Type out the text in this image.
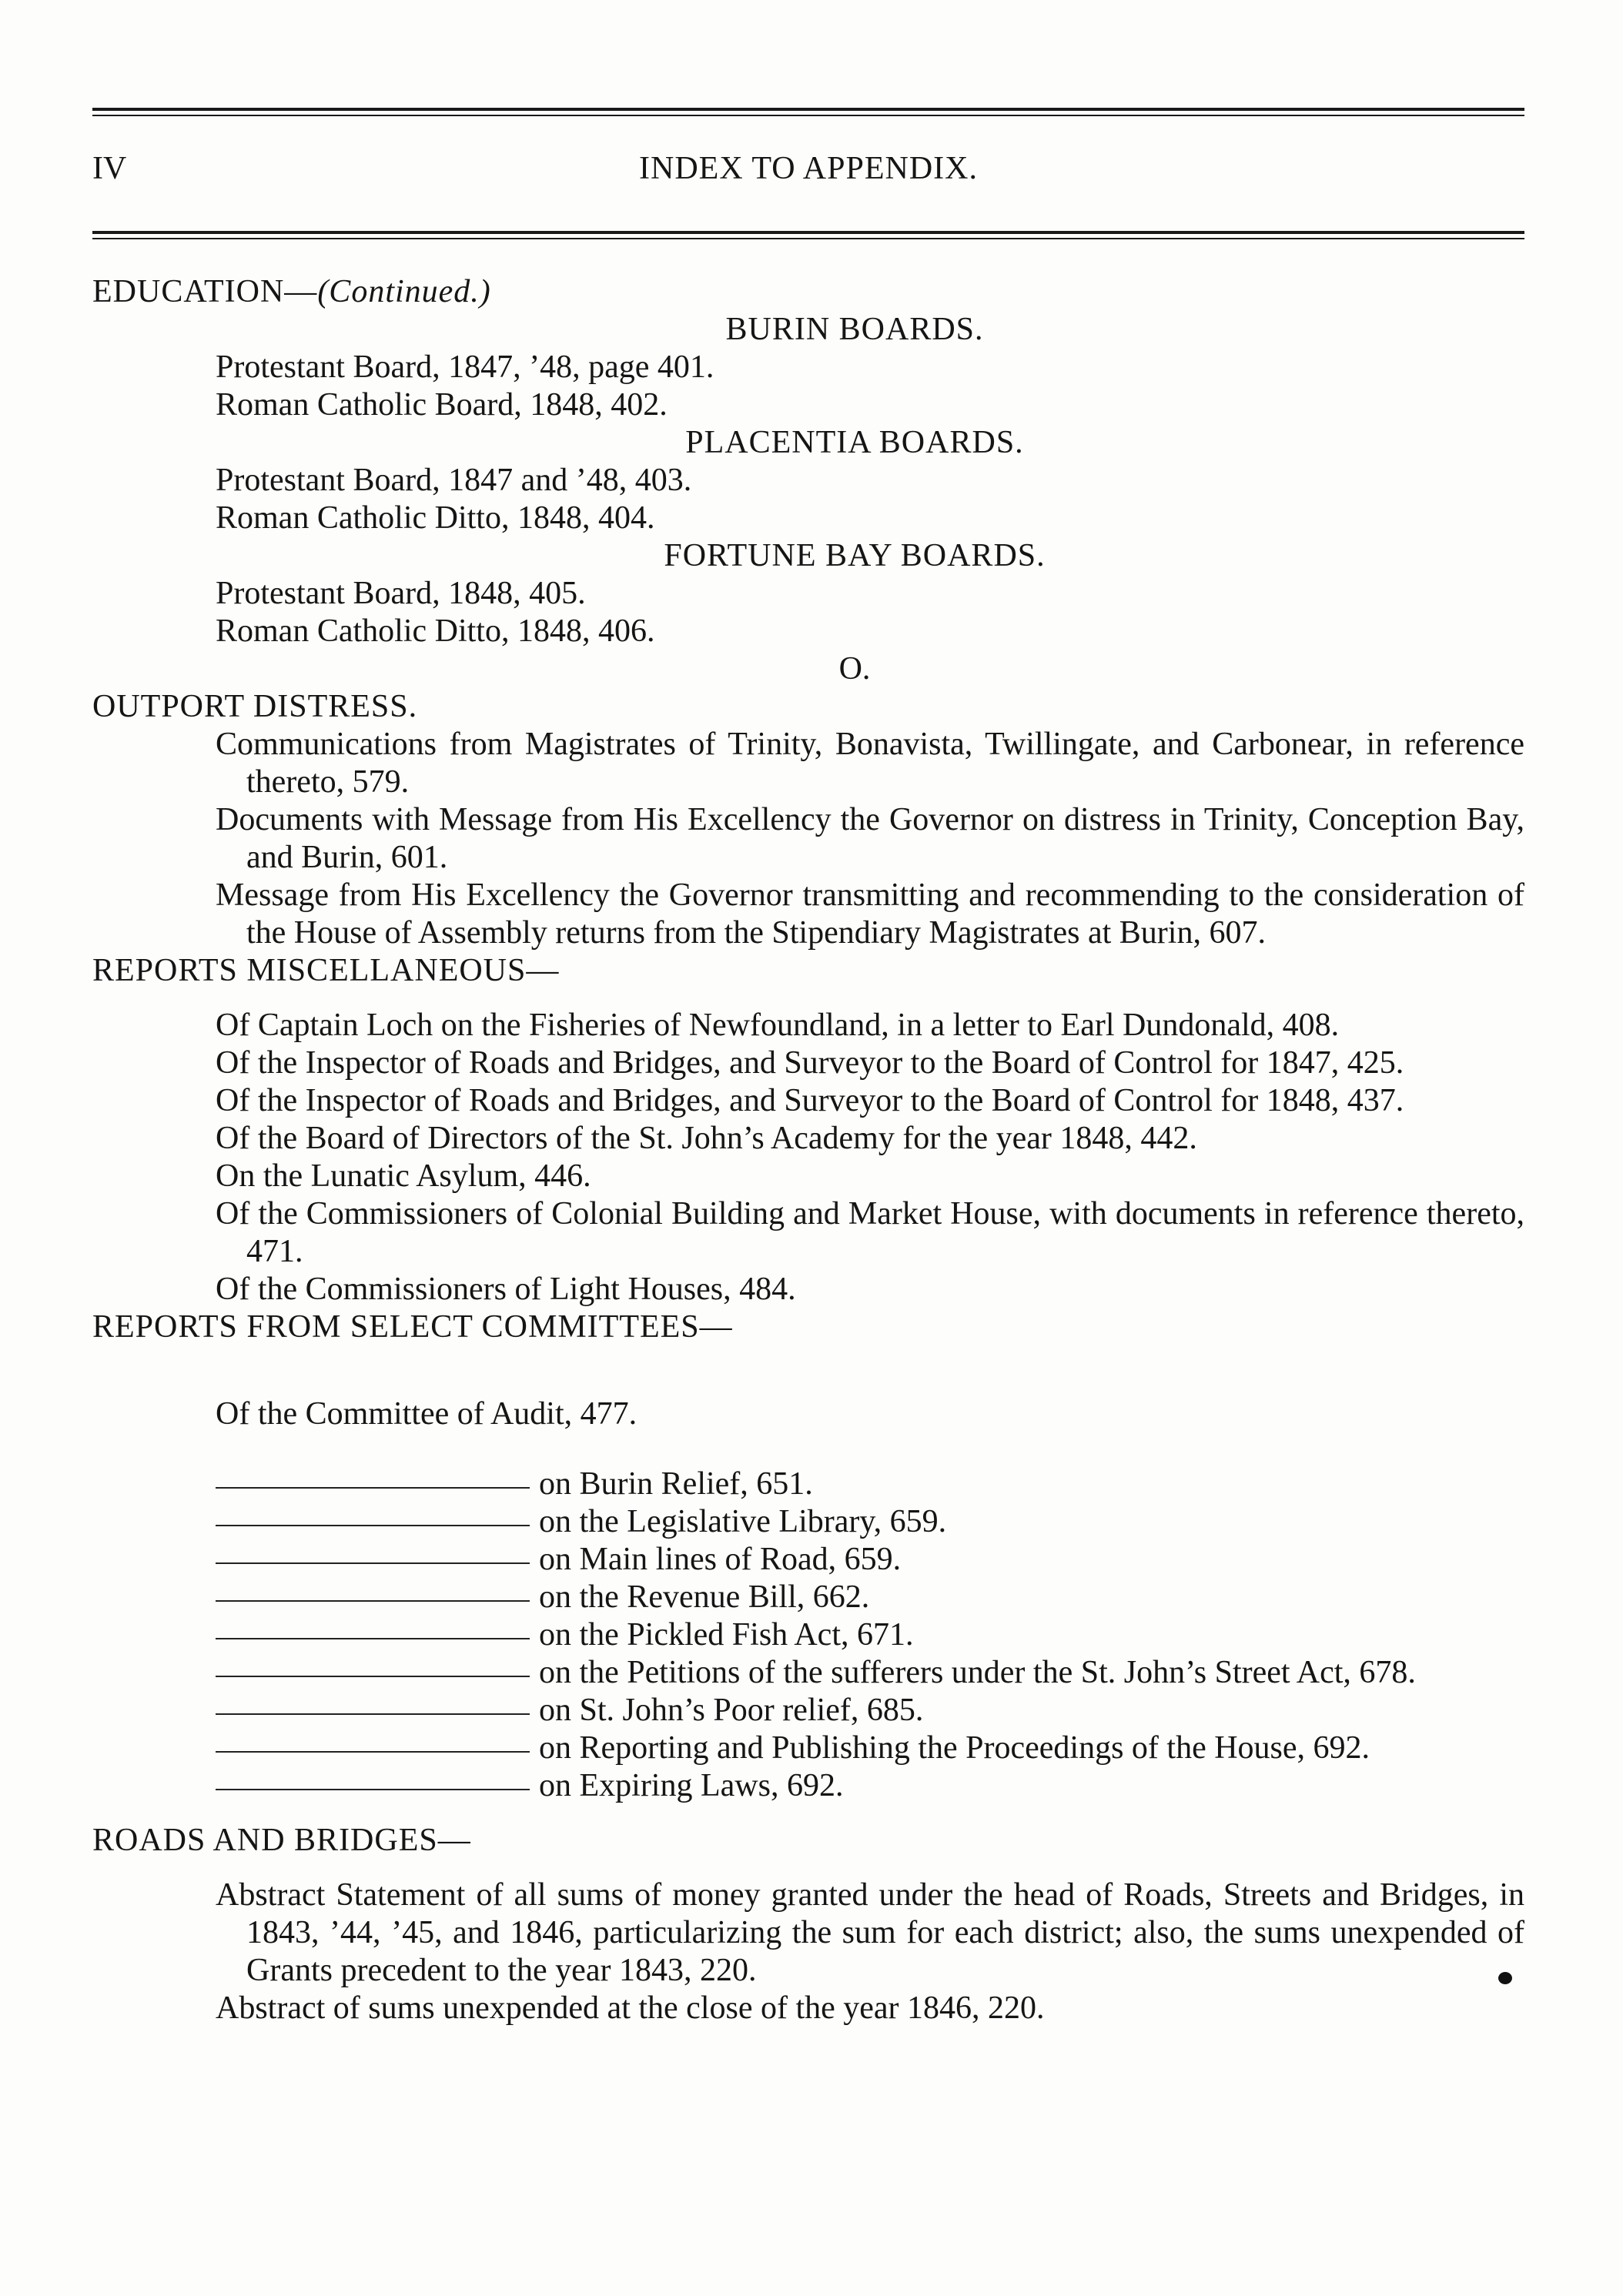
IV	INDEX TO APPENDIX.

EDUCATION—(Continued.)

BURIN BOARDS.

Protestant Board, 1847, ’48, page 401.

Roman Catholic Board, 1848, 402.

PLACENTIA BOARDS.

Protestant Board, 1847 and ’48, 403.

Roman Catholic Ditto, 1848, 404.

FORTUNE BAY BOARDS.

Protestant Board, 1848, 405.

Roman Catholic Ditto, 1848, 406.

O.

OUTPORT DISTRESS.

Communications from Magistrates of Trinity, Bonavista, Twillingate, and Carbonear, in reference thereto, 579.

Documents with Message from His Excellency the Governor on distress in Trinity, Conception Bay, and Burin, 601.

Message from His Excellency the Governor transmitting and recommending to the consideration of the House of Assembly returns from the Stipendiary Magistrates at Burin, 607.

REPORTS MISCELLANEOUS—

Of Captain Loch on the Fisheries of Newfoundland, in a letter to Earl Dundonald, 408.

Of the Inspector of Roads and Bridges, and Surveyor to the Board of Control for 1847, 425.

Of the Inspector of Roads and Bridges, and Surveyor to the Board of Control for 1848, 437.

Of the Board of Directors of the St. John’s Academy for the year 1848, 442.

On the Lunatic Asylum, 446.

Of the Commissioners of Colonial Building and Market House, with documents in reference thereto, 471.

Of the Commissioners of Light Houses, 484.

REPORTS FROM SELECT COMMITTEES—

Of the Committee of Audit, 477.

on Burin Relief, 651.
on the Legislative Library, 659.
on Main lines of Road, 659.
on the Revenue Bill, 662.
on the Pickled Fish Act, 671.
on the Petitions of the sufferers under the St. John’s Street Act, 678.
on St. John’s Poor relief, 685.
on Reporting and Publishing the Proceedings of the House, 692.
on Expiring Laws, 692.

ROADS AND BRIDGES—

Abstract Statement of all sums of money granted under the head of Roads, Streets and Bridges, in 1843, ’44, ’45, and 1846, particularizing the sum for each district; also, the sums unexpended of Grants precedent to the year 1843, 220.

Abstract of sums unexpended at the close of the year 1846, 220.
